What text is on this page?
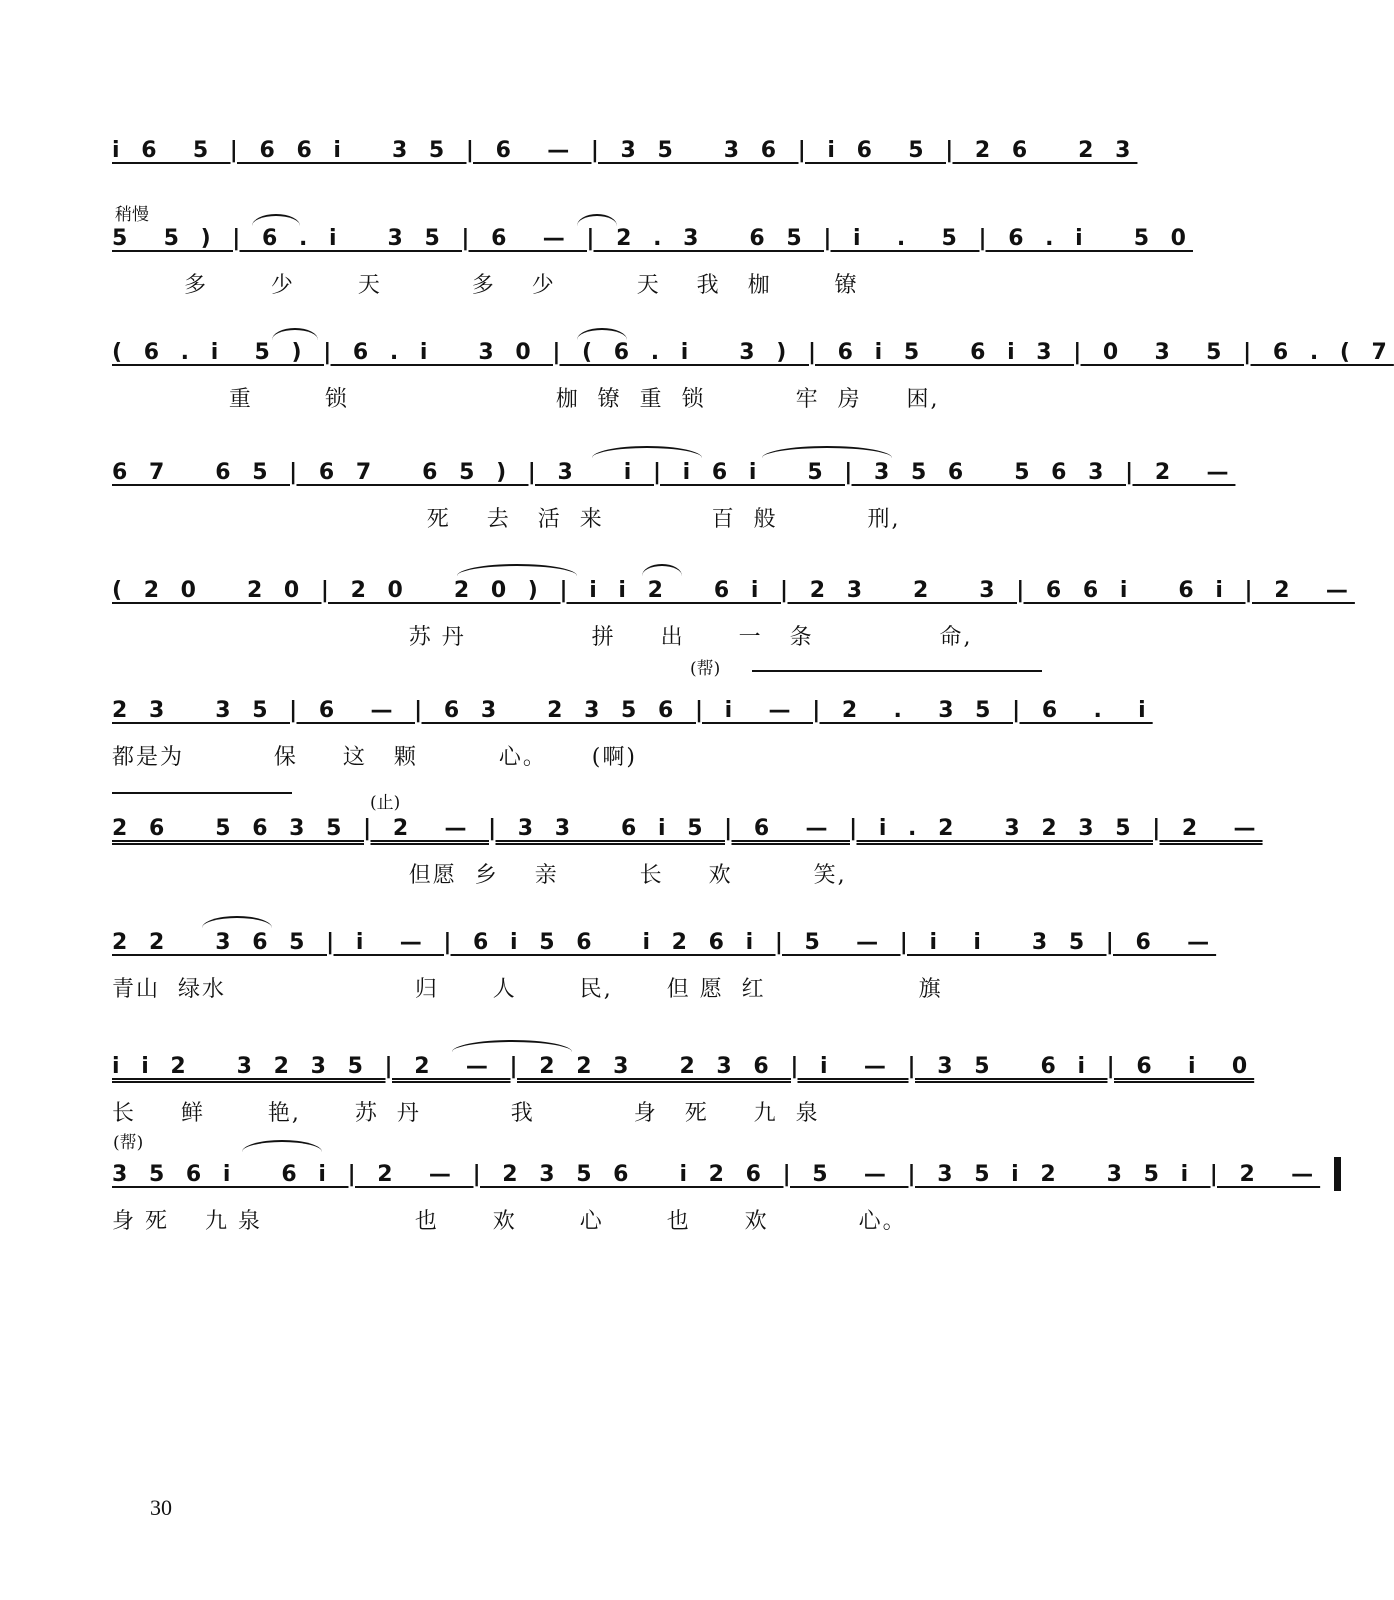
i 6  5 | 6 6 i   3 5 | 6  — | 3 5   3 6 | i 6  5 | 2 6   2 3
稍慢
5  5 ) | 6 . i   3 5 | 6  — | 2 . 3   6 5 | i  .  5 | 6 . i   5 0
多       少       天          多    少         天    我   枷       镣
( 6 . i  5 ) | 6 . i   3 0 | ( 6 . i   3 ) | 6 i 5   6 i 3 | 0  3  5 | 6 . ( 7
重        锁                       枷  镣  重  锁          牢  房     困,
6 7   6 5 | 6 7   6 5 ) | 3   i | i 6 i   5 | 3 5 6   5 6 3 | 2  —
死    去   活  来            百  般          刑,
( 2 0   2 0 | 2 0   2 0 ) | i i 2   6 i | 2 3   2   3 | 6 6 i   6 i | 2  —
苏 丹              拼     出      一   条              命,
(帮)
2 3   3 5 | 6  — | 6 3   2 3 5 6 | i  — | 2  .  3 5 | 6  .  i
都是为          保     这   颗         心。     (啊)
(止)
2 6   5 6 3 5 | 2  — | 3 3   6 i 5 | 6  — | i . 2   3 2 3 5 | 2  —
但愿  乡    亲         长     欢         笑,
2 2   3 6 5 | i  — | 6 i 5 6   i 2 6 i | 5  — | i  i   3 5 | 6  —
青山  绿水                     归      人       民,      但 愿  红                 旗
i i 2   3 2 3 5 | 2  — | 2 2 3   2 3 6 | i  — | 3 5   6 i | 6  i  0
长     鲜       艳,      苏  丹          我           身   死     九  泉
(帮)
3 5 6 i   6 i | 2  — | 2 3 5 6   i 2 6 | 5  — | 3 5 i 2   3 5 i | 2  —
身 死    九 泉                 也      欢       心       也      欢          心。
30
